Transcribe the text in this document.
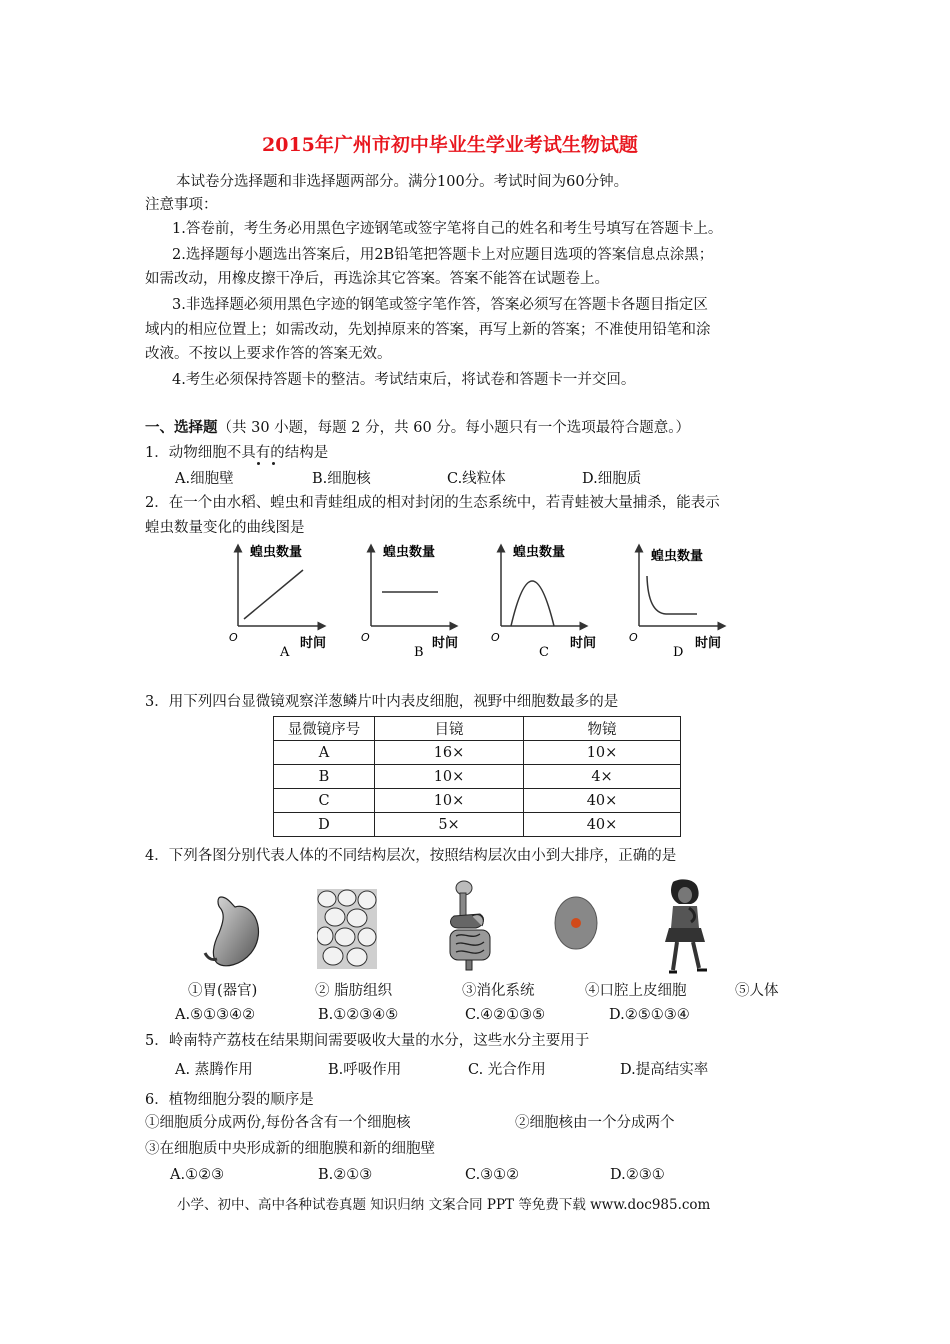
2015年广州市初中毕业生学业考试生物试题
本试卷分选择题和非选择题两部分。满分100分。考试时间为60分钟。
注意事项：
1.答卷前，考生务必用黑色字迹钢笔或签字笔将自己的姓名和考生号填写在答题卡上。
2.选择题每小题选出答案后，用2B铅笔把答题卡上对应题目选项的答案信息点涂黑；
如需改动，用橡皮擦干净后，再选涂其它答案。答案不能答在试题卷上。
3.非选择题必须用黑色字迹的钢笔或签字笔作答，答案必须写在答题卡各题目指定区
域内的相应位置上；如需改动，先划掉原来的答案，再写上新的答案；不准使用铅笔和涂
改液。不按以上要求作答的答案无效。
4.考生必须保持答题卡的整洁。考试结束后，将试卷和答题卡一并交回。
一、选择题（共 30 小题，每题 2 分，共 60 分。每小题只有一个选项最符合题意。）
1．动物细胞不具有的结构是
A.细胞壁	B.细胞核	C.线粒体	D.细胞质
2．在一个由水稻、蝗虫和青蛙组成的相对封闭的生态系统中，若青蛙被大量捕杀，能表示
蝗虫数量变化的曲线图是
蝗虫数量
时间
O
蝗虫数量
时间
O
蝗虫数量
时间
O
蝗虫数量
时间
O
A	B	C	D
3．用下列四台显微镜观察洋葱鳞片叶内表皮细胞，视野中细胞数最多的是
显微镜序号	目镜	物镜
A	16×	10×
B	10×	4×
C	10×	40×
D	5×	40×
4．下列各图分别代表人体的不同结构层次，按照结构层次由小到大排序，正确的是
①胃(器官)	② 脂肪组织	③消化系统	④口腔上皮细胞	⑤人体
A.⑤①③④②	B.①②③④⑤	C.④②①③⑤	D.②⑤①③④
5．岭南特产荔枝在结果期间需要吸收大量的水分，这些水分主要用于
A. 蒸腾作用	B.呼吸作用	C. 光合作用	D.提高结实率
6．植物细胞分裂的顺序是
①细胞质分成两份,每份各含有一个细胞核	②细胞核由一个分成两个
③在细胞质中央形成新的细胞膜和新的细胞壁
A.①②③	B.②①③	C.③①②	D.②③①
小学、初中、高中各种试卷真题 知识归纳 文案合同 PPT 等免费下载 www.doc985.com
